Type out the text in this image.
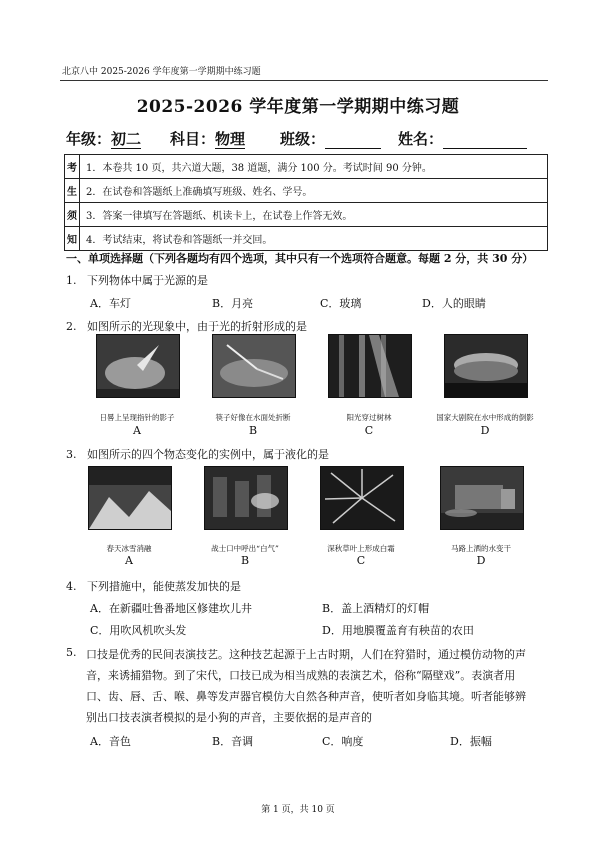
北京八中 2025-2026 学年度第一学期期中练习题
2025-2026 学年度第一学期期中练习题
年级：初二 科目：物理 班级：	姓名：
考	1．本卷共 10 页，共六道大题，38 道题，满分 100 分。考试时间 90 分钟。
生	2．在试卷和答题纸上准确填写班级、姓名、学号。
须	3．答案一律填写在答题纸、机读卡上，在试卷上作答无效。
知	4．考试结束，将试卷和答题纸一并交回。
一、单项选择题（下列各题均有四个选项，其中只有一个选项符合题意。每题 2 分，共 30 分）
1. 下列物体中属于光源的是
A．车灯	B．月亮	C．玻璃	D．人的眼睛
2. 如图所示的光现象中，由于光的折射形成的是
日晷上呈现指针的影子	筷子好像在水面处折断	阳光穿过树林	国家大剧院在水中形成的倒影
A	B	C	D
3. 如图所示的四个物态变化的实例中，属于液化的是
春天冰雪消融	战士口中呼出“白气”	深秋草叶上形成白霜	马路上洒的水变干
A	B	C	D
4. 下列措施中，能使蒸发加快的是
A．在新疆吐鲁番地区修建坎儿井	B．盖上酒精灯的灯帽
C．用吹风机吹头发	D．用地膜覆盖育有秧苗的农田
5. 口技是优秀的民间表演技艺。这种技艺起源于上古时期，人们在狩猎时，通过模仿动物的声
音，来诱捕猎物。到了宋代，口技已成为相当成熟的表演艺术，俗称“隔壁戏”。表演者用
口、齿、唇、舌、喉、鼻等发声器官模仿大自然各种声音，使听者如身临其境。听者能够辨
别出口技表演者模拟的是小狗的声音，主要依据的是声音的
A．音色	B．音调	C．响度	D．振幅
第 1 页，共 10 页
